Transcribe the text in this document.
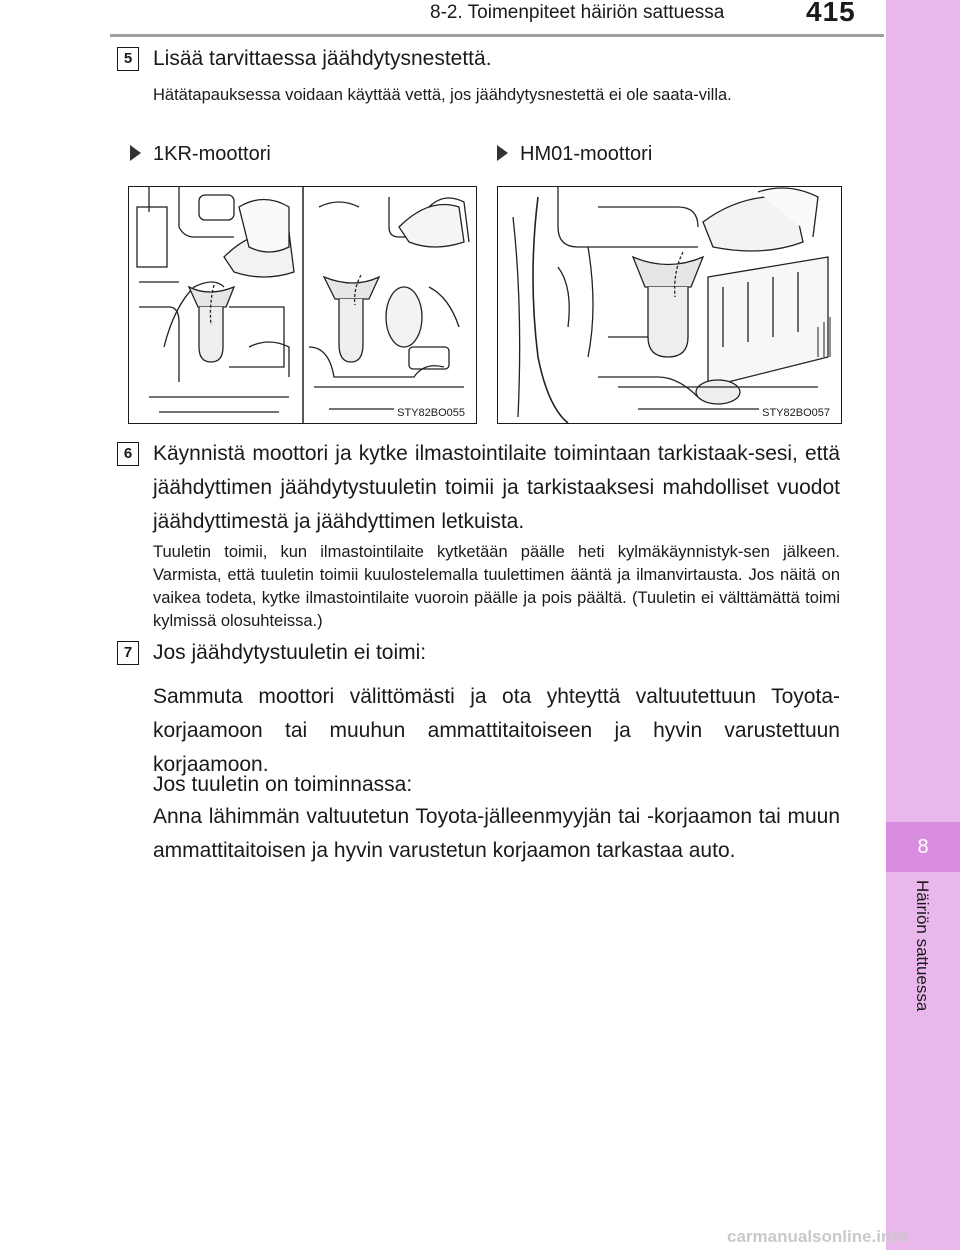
8-2. Toimenpiteet häiriön sattuessa	415
8
Häiriön sattuessa
5 Lisää tarvittaessa jäähdytysnestettä.
Hätätapauksessa voidaan käyttää vettä, jos jäähdytysnestettä ei ole saata-villa.
1KR-moottori	HM01-moottori
STY82BO055	STY82BO057
6 Käynnistä moottori ja kytke ilmastointilaite toimintaan tarkistaak-sesi, että jäähdyttimen jäähdytystuuletin toimii ja tarkistaaksesi mahdolliset vuodot jäähdyttimestä ja jäähdyttimen letkuista.
Tuuletin toimii, kun ilmastointilaite kytketään päälle heti kylmäkäynnistyk-sen jälkeen. Varmista, että tuuletin toimii kuulostelemalla tuulettimen ääntä ja ilmanvirtausta. Jos näitä on vaikea todeta, kytke ilmastointilaite vuoroin päälle ja pois päältä. (Tuuletin ei välttämättä toimi kylmissä olosuhteissa.)
7 Jos jäähdytystuuletin ei toimi:
Sammuta moottori välittömästi ja ota yhteyttä valtuutettuun Toyota-korjaamoon tai muuhun ammattitaitoiseen ja hyvin varustettuun korjaamoon.
Jos tuuletin on toiminnassa:
Anna lähimmän valtuutetun Toyota-jälleenmyyjän tai -korjaamon tai muun ammattitaitoisen ja hyvin varustetun korjaamon tarkastaa auto.
carmanualsonline.info
